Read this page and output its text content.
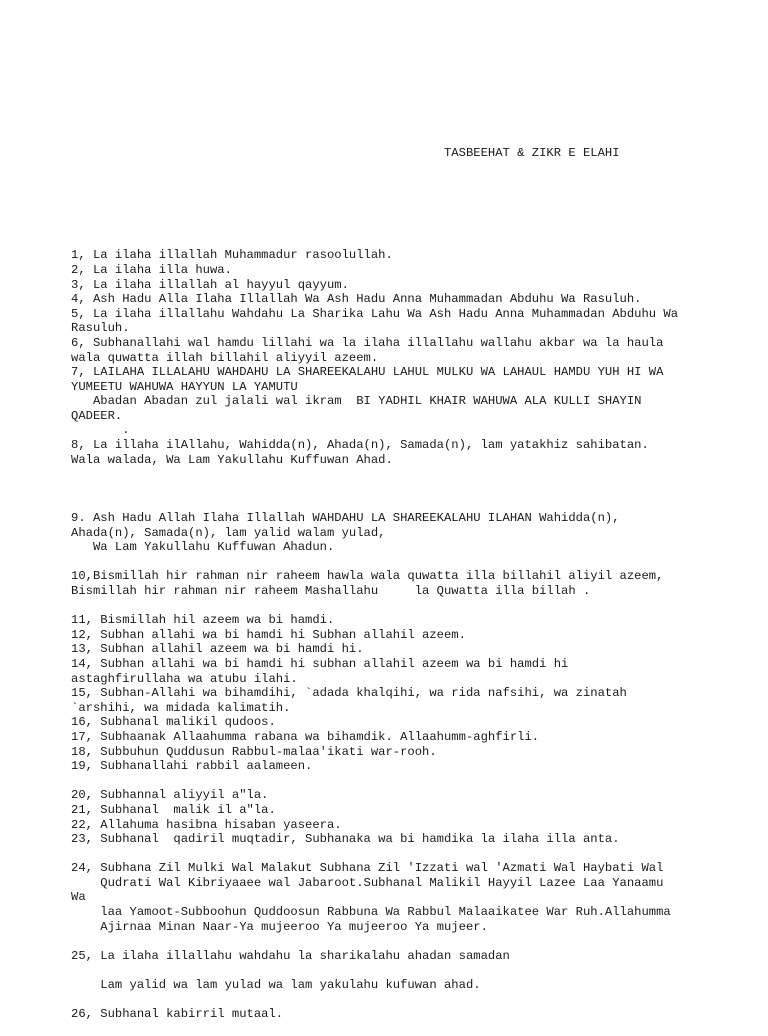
TASBEEHAT & ZIKR E ELAHI

1, La ilaha illallah Muhammadur rasoolullah.
2, La ilaha illa huwa.
3, La ilaha illallah al hayyul qayyum.
4, Ash Hadu Alla Ilaha Illallah Wa Ash Hadu Anna Muhammadan Abduhu Wa Rasuluh.
5, La ilaha illallahu Wahdahu La Sharika Lahu Wa Ash Hadu Anna Muhammadan Abduhu Wa
Rasuluh.
6, Subhanallahi wal hamdu lillahi wa la ilaha illallahu wallahu akbar wa la haula
wala quwatta illah billahil aliyyil azeem.
7, LAILAHA ILLALAHU WAHDAHU LA SHAREEKALAHU LAHUL MULKU WA LAHAUL HAMDU YUH HI WA
YUMEETU WAHUWA HAYYUN LA YAMUTU
Abadan Abadan zul jalali wal ikram  BI YADHIL KHAIR WAHUWA ALA KULLI SHAYIN
QADEER.
.
8, La illaha ilAllahu, Wahidda(n), Ahada(n), Samada(n), lam yatakhiz sahibatan.
Wala walada, Wa Lam Yakullahu Kuffuwan Ahad.
9. Ash Hadu Allah Ilaha Illallah WAHDAHU LA SHAREEKALAHU ILAHAN Wahidda(n),
Ahada(n), Samada(n), lam yalid walam yulad,
Wa Lam Yakullahu Kuffuwan Ahadun.
10,Bismillah hir rahman nir raheem hawla wala quwatta illa billahil aliyil azeem,
Bismillah hir rahman nir raheem Mashallahu     la Quwatta illa billah .
11, Bismillah hil azeem wa bi hamdi.
12, Subhan allahi wa bi hamdi hi Subhan allahil azeem.
13, Subhan allahil azeem wa bi hamdi hi.
14, Subhan allahi wa bi hamdi hi subhan allahil azeem wa bi hamdi hi
astaghfirullaha wa atubu ilahi.
15, Subhan-Allahi wa bihamdihi, `adada khalqihi, wa rida nafsihi, wa zinatah
`arshihi, wa midada kalimatih.
16, Subhanal malikil qudoos.
17, Subhaanak Allaahumma rabana wa bihamdik. Allaahumm-aghfirli.
18, Subbuhun Quddusun Rabbul-malaa'ikati war-rooh.
19, Subhanallahi rabbil aalameen.
20, Subhannal aliyyil a"la.
21, Subhanal  malik il a"la.
22, Allahuma hasibna hisaban yaseera.
23, Subhanal  qadiril muqtadir, Subhanaka wa bi hamdika la ilaha illa anta.
24, Subhana Zil Mulki Wal Malakut Subhana Zil 'Izzati wal 'Azmati Wal Haybati Wal
Qudrati Wal Kibriyaaee wal Jabaroot.Subhanal Malikil Hayyil Lazee Laa Yanaamu
Wa
laa Yamoot-Subboohun Quddoosun Rabbuna Wa Rabbul Malaaikatee War Ruh.Allahumma
Ajirnaa Minan Naar-Ya mujeeroo Ya mujeeroo Ya mujeer.
25, La ilaha illallahu wahdahu la sharikalahu ahadan samadan
Lam yalid wa lam yulad wa lam yakulahu kufuwan ahad.
26, Subhanal kabirril mutaal.
